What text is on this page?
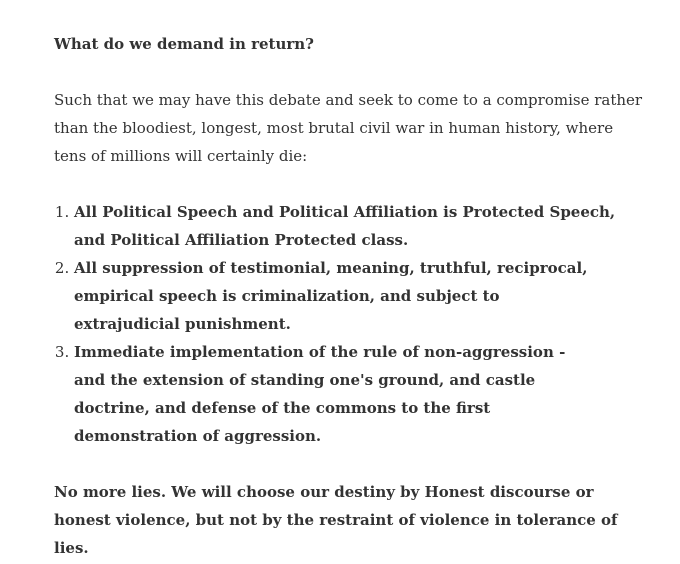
What do we demand in return?

Such that we may have this debate and seek to come to a compromise rather than the bloodiest, longest, most brutal civil war in human history, where tens of millions will certainly die:

1. All Political Speech and Political Affiliation is Protected Speech, and Political Affiliation Protected class.
2. All suppression of testimonial, meaning, truthful, reciprocal, empirical speech is criminalization, and subject to extrajudicial punishment.
3. Immediate implementation of the rule of non-aggression - and the extension of standing one's ground, and castle doctrine, and defense of the commons to the first demonstration of aggression.

No more lies. We will choose our destiny by Honest discourse or honest violence, but not by the restraint of violence in tolerance of lies.
